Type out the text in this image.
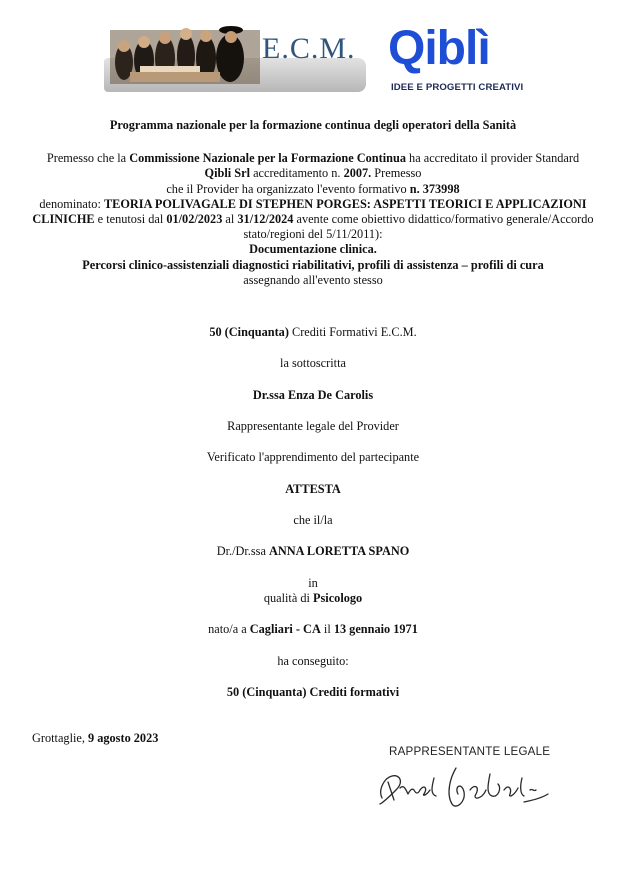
E.C.M. Qiblì
IDEE E PROGETTI CREATIVI

Programma nazionale per la formazione continua degli operatori della Sanità

Premesso che la Commissione Nazionale per la Formazione Continua ha accreditato il provider Standard

Qibli Srl accreditamento n. 2007. Premesso

che il Provider ha organizzato l'evento formativo n. 373998

denominato: TEORIA POLIVAGALE DI STEPHEN PORGES: ASPETTI TEORICI E APPLICAZIONI

CLINICHE e tenutosi dal 01/02/2023 al 31/12/2024 avente come obiettivo didattico/formativo generale/Accordo

stato/regioni del 5/11/2011):

Documentazione clinica.

Percorsi clinico-assistenziali diagnostici riabilitativi, profili di assistenza – profili di cura

assegnando all'evento stesso

50 (Cinquanta) Crediti Formativi E.C.M.
la sottoscritta
Dr.ssa Enza De Carolis
Rappresentante legale del Provider
Verificato l'apprendimento del partecipante
ATTESTA
che il/la
Dr./Dr.ssa ANNA LORETTA SPANO
in
qualità di Psicologo
nato/a a Cagliari - CA il 13 gennaio 1971
ha conseguito:
50 (Cinquanta) Crediti formativi
Grottaglie, 9 agosto 2023
RAPPRESENTANTE LEGALE
